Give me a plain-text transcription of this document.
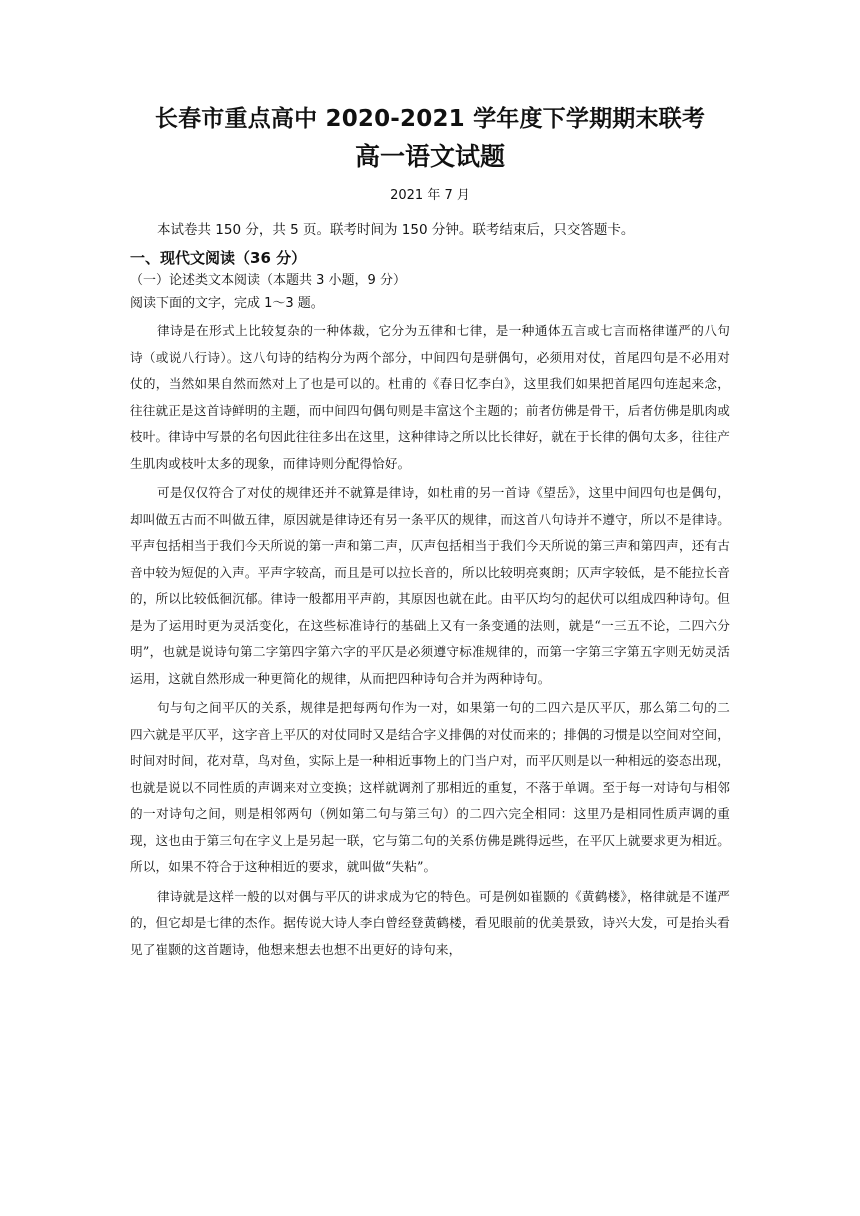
长春市重点高中 2020-2021 学年度下学期期末联考
高一语文试题
2021 年 7 月
本试卷共 150 分，共 5 页。联考时间为 150 分钟。联考结束后，只交答题卡。
一、现代文阅读（36 分）
（一）论述类文本阅读（本题共 3 小题，9 分）
阅读下面的文字，完成 1～3 题。
律诗是在形式上比较复杂的一种体裁，它分为五律和七律，是一种通体五言或七言而格律谨严的八句诗（或说八行诗）。这八句诗的结构分为两个部分，中间四句是骈偶句，必须用对仗，首尾四句是不必用对仗的，当然如果自然而然对上了也是可以的。杜甫的《春日忆李白》，这里我们如果把首尾四句连起来念，往往就正是这首诗鲜明的主题，而中间四句偶句则是丰富这个主题的；前者仿佛是骨干，后者仿佛是肌肉或枝叶。律诗中写景的名句因此往往多出在这里，这种律诗之所以比长律好，就在于长律的偶句太多，往往产生肌肉或枝叶太多的现象，而律诗则分配得恰好。
可是仅仅符合了对仗的规律还并不就算是律诗，如杜甫的另一首诗《望岳》，这里中间四句也是偶句，却叫做五古而不叫做五律，原因就是律诗还有另一条平仄的规律，而这首八句诗并不遵守，所以不是律诗。平声包括相当于我们今天所说的第一声和第二声，仄声包括相当于我们今天所说的第三声和第四声，还有古音中较为短促的入声。平声字较高，而且是可以拉长音的，所以比较明亮爽朗；仄声字较低，是不能拉长音的，所以比较低徊沉郁。律诗一般都用平声韵，其原因也就在此。由平仄均匀的起伏可以组成四种诗句。但是为了运用时更为灵活变化，在这些标准诗行的基础上又有一条变通的法则，就是“一三五不论，二四六分明”，也就是说诗句第二字第四字第六字的平仄是必须遵守标准规律的，而第一字第三字第五字则无妨灵活运用，这就自然形成一种更简化的规律，从而把四种诗句合并为两种诗句。
句与句之间平仄的关系，规律是把每两句作为一对，如果第一句的二四六是仄平仄，那么第二句的二四六就是平仄平，这字音上平仄的对仗同时又是结合字义排偶的对仗而来的；排偶的习惯是以空间对空间，时间对时间，花对草，鸟对鱼，实际上是一种相近事物上的门当户对，而平仄则是以一种相远的姿态出现，也就是说以不同性质的声调来对立变换；这样就调剂了那相近的重复，不落于单调。至于每一对诗句与相邻的一对诗句之间，则是相邻两句（例如第二句与第三句）的二四六完全相同：这里乃是相同性质声调的重现，这也由于第三句在字义上是另起一联，它与第二句的关系仿佛是跳得远些，在平仄上就要求更为相近。所以，如果不符合于这种相近的要求，就叫做“失粘”。
律诗就是这样一般的以对偶与平仄的讲求成为它的特色。可是例如崔颢的《黄鹤楼》，格律就是不谨严的，但它却是七律的杰作。据传说大诗人李白曾经登黄鹤楼，看见眼前的优美景致，诗兴大发，可是抬头看见了崔颢的这首题诗，他想来想去也想不出更好的诗句来，
